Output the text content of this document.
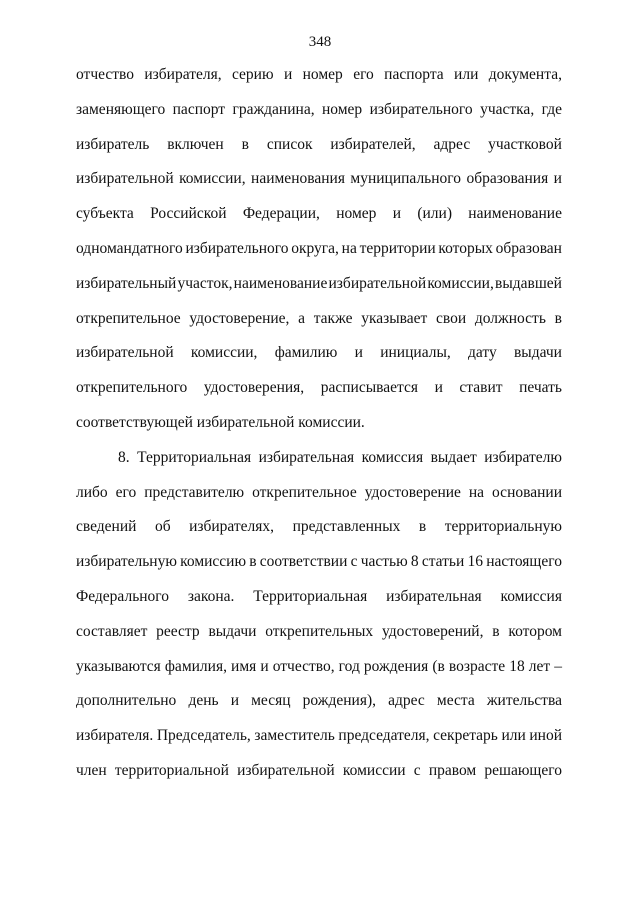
348
отчество избирателя, серию и номер его паспорта или документа,
заменяющего паспорт гражданина, номер избирательного участка, где
избиратель включен в список избирателей, адрес участковой
избирательной комиссии, наименования муниципального образования и
субъекта Российской Федерации, номер и (или) наименование
одномандатного избирательного округа, на территории которых образован
избирательный участок, наименование избирательной комиссии, выдавшей
открепительное удостоверение, а также указывает свои должность в
избирательной комиссии, фамилию и инициалы, дату выдачи
открепительного удостоверения, расписывается и ставит печать
соответствующей избирательной комиссии.
8. Территориальная избирательная комиссия выдает избирателю
либо его представителю открепительное удостоверение на основании
сведений об избирателях, представленных в территориальную
избирательную комиссию в соответствии с частью 8 статьи 16 настоящего
Федерального закона. Территориальная избирательная комиссия
составляет реестр выдачи открепительных удостоверений, в котором
указываются фамилия, имя и отчество, год рождения (в возрасте 18 лет –
дополнительно день и месяц рождения), адрес места жительства
избирателя. Председатель, заместитель председателя, секретарь или иной
член территориальной избирательной комиссии с правом решающего
